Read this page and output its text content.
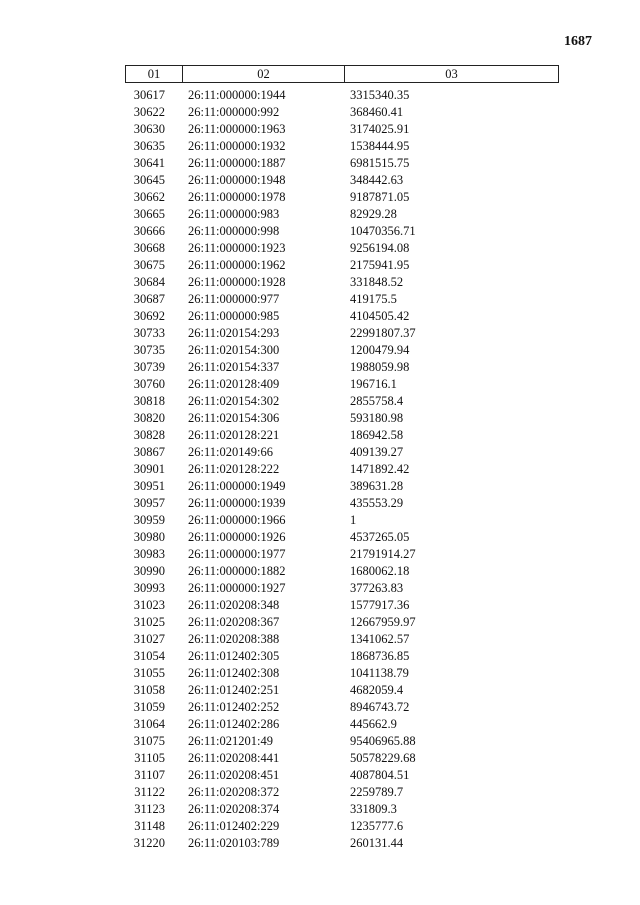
1687
01	02	03
30617	26:11:000000:1944	3315340.35
30622	26:11:000000:992	368460.41
30630	26:11:000000:1963	3174025.91
30635	26:11:000000:1932	1538444.95
30641	26:11:000000:1887	6981515.75
30645	26:11:000000:1948	348442.63
30662	26:11:000000:1978	9187871.05
30665	26:11:000000:983	82929.28
30666	26:11:000000:998	10470356.71
30668	26:11:000000:1923	9256194.08
30675	26:11:000000:1962	2175941.95
30684	26:11:000000:1928	331848.52
30687	26:11:000000:977	419175.5
30692	26:11:000000:985	4104505.42
30733	26:11:020154:293	22991807.37
30735	26:11:020154:300	1200479.94
30739	26:11:020154:337	1988059.98
30760	26:11:020128:409	196716.1
30818	26:11:020154:302	2855758.4
30820	26:11:020154:306	593180.98
30828	26:11:020128:221	186942.58
30867	26:11:020149:66	409139.27
30901	26:11:020128:222	1471892.42
30951	26:11:000000:1949	389631.28
30957	26:11:000000:1939	435553.29
30959	26:11:000000:1966	1
30980	26:11:000000:1926	4537265.05
30983	26:11:000000:1977	21791914.27
30990	26:11:000000:1882	1680062.18
30993	26:11:000000:1927	377263.83
31023	26:11:020208:348	1577917.36
31025	26:11:020208:367	12667959.97
31027	26:11:020208:388	1341062.57
31054	26:11:012402:305	1868736.85
31055	26:11:012402:308	1041138.79
31058	26:11:012402:251	4682059.4
31059	26:11:012402:252	8946743.72
31064	26:11:012402:286	445662.9
31075	26:11:021201:49	95406965.88
31105	26:11:020208:441	50578229.68
31107	26:11:020208:451	4087804.51
31122	26:11:020208:372	2259789.7
31123	26:11:020208:374	331809.3
31148	26:11:012402:229	1235777.6
31220	26:11:020103:789	260131.44
